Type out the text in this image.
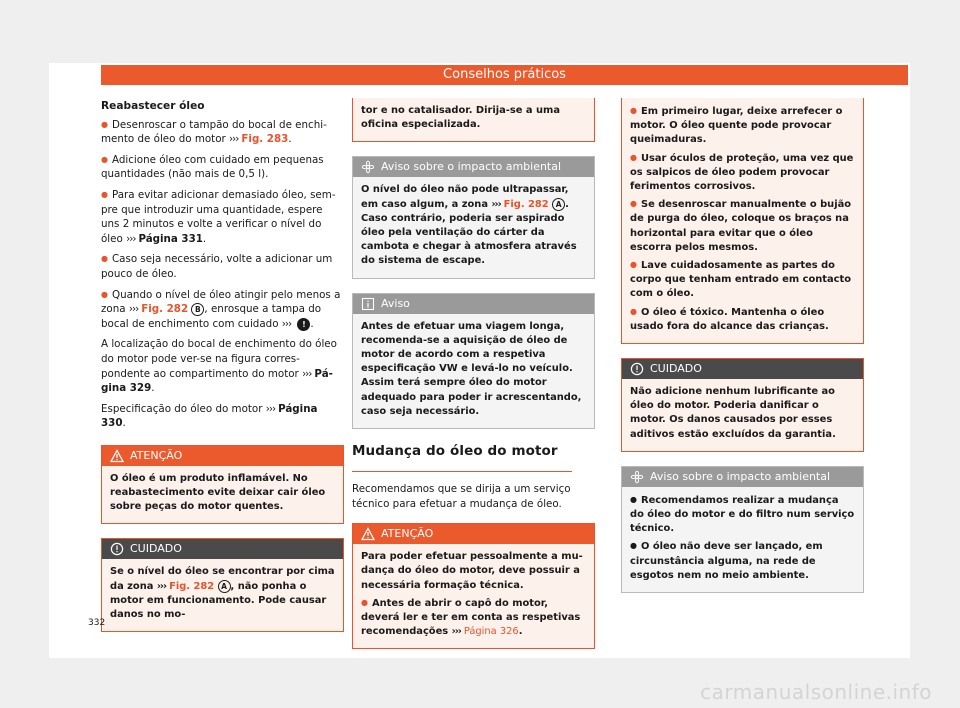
Conselhos práticos

Reabastecer óleo

● Desenroscar o tampão do bocal de enchimento de óleo do motor ››› Fig. 283.

● Adicione óleo com cuidado em pequenas quantidades (não mais de 0,5 l).

● Para evitar adicionar demasiado óleo, sempre que introduzir uma quantidade, espere uns 2 minutos e volte a verificar o nível do óleo ››› Página 331.

● Caso seja necessário, volte a adicionar um pouco de óleo.

● Quando o nível de óleo atingir pelo menos a zona ››› Fig. 282 B , enrosque a tampa do bocal de enchimento com cuidado ››› ! .

A localização do bocal de enchimento do óleo do motor pode ver-se na figura correspondente ao compartimento do motor ››› Página 329.

Especificação do óleo do motor ››› Página 330.

ATENÇÃO

O óleo é um produto inflamável. No reabastecimento evite deixar cair óleo sobre peças do motor quentes.

CUIDADO

Se o nível do óleo se encontrar por cima da zona ››› Fig. 282 A , não ponha o motor em funcionamento. Pode causar danos no mo-

tor e no catalisador. Dirija-se a uma oficina especializada.

Aviso sobre o impacto ambiental

O nível do óleo não pode ultrapassar, em caso algum, a zona ››› Fig. 282 A . Caso contrário, poderia ser aspirado óleo pela ventilação do cárter da cambota e chegar à atmosfera através do sistema de escape.

Aviso

Antes de efetuar uma viagem longa, recomenda-se a aquisição de óleo de motor de acordo com a respetiva especificação VW e levá-lo no veículo. Assim terá sempre óleo do motor adequado para poder ir acrescentando, caso seja necessário.

Mudança do óleo do motor

Recomendamos que se dirija a um serviço técnico para efetuar a mudança de óleo.

ATENÇÃO

Para poder efetuar pessoalmente a mudança do óleo do motor, deve possuir a necessária formação técnica.

● Antes de abrir o capô do motor, deverá ler e ter em conta as respetivas recomendações ››› Página 326.

● Em primeiro lugar, deixe arrefecer o motor. O óleo quente pode provocar queimaduras.

● Usar óculos de proteção, uma vez que os salpicos de óleo podem provocar ferimentos corrosivos.

● Se desenroscar manualmente o bujão de purga do óleo, coloque os braços na horizontal para evitar que o óleo escorra pelos mesmos.

● Lave cuidadosamente as partes do corpo que tenham entrado em contacto com o óleo.

● O óleo é tóxico. Mantenha o óleo usado fora do alcance das crianças.

CUIDADO

Não adicione nenhum lubrificante ao óleo do motor. Poderia danificar o motor. Os danos causados por esses aditivos estão excluídos da garantia.

Aviso sobre o impacto ambiental

● Recomendamos realizar a mudança do óleo do motor e do filtro num serviço técnico.

● O óleo não deve ser lançado, em circunstância alguma, na rede de esgotos nem no meio ambiente.

332
carmanualsonline.info
